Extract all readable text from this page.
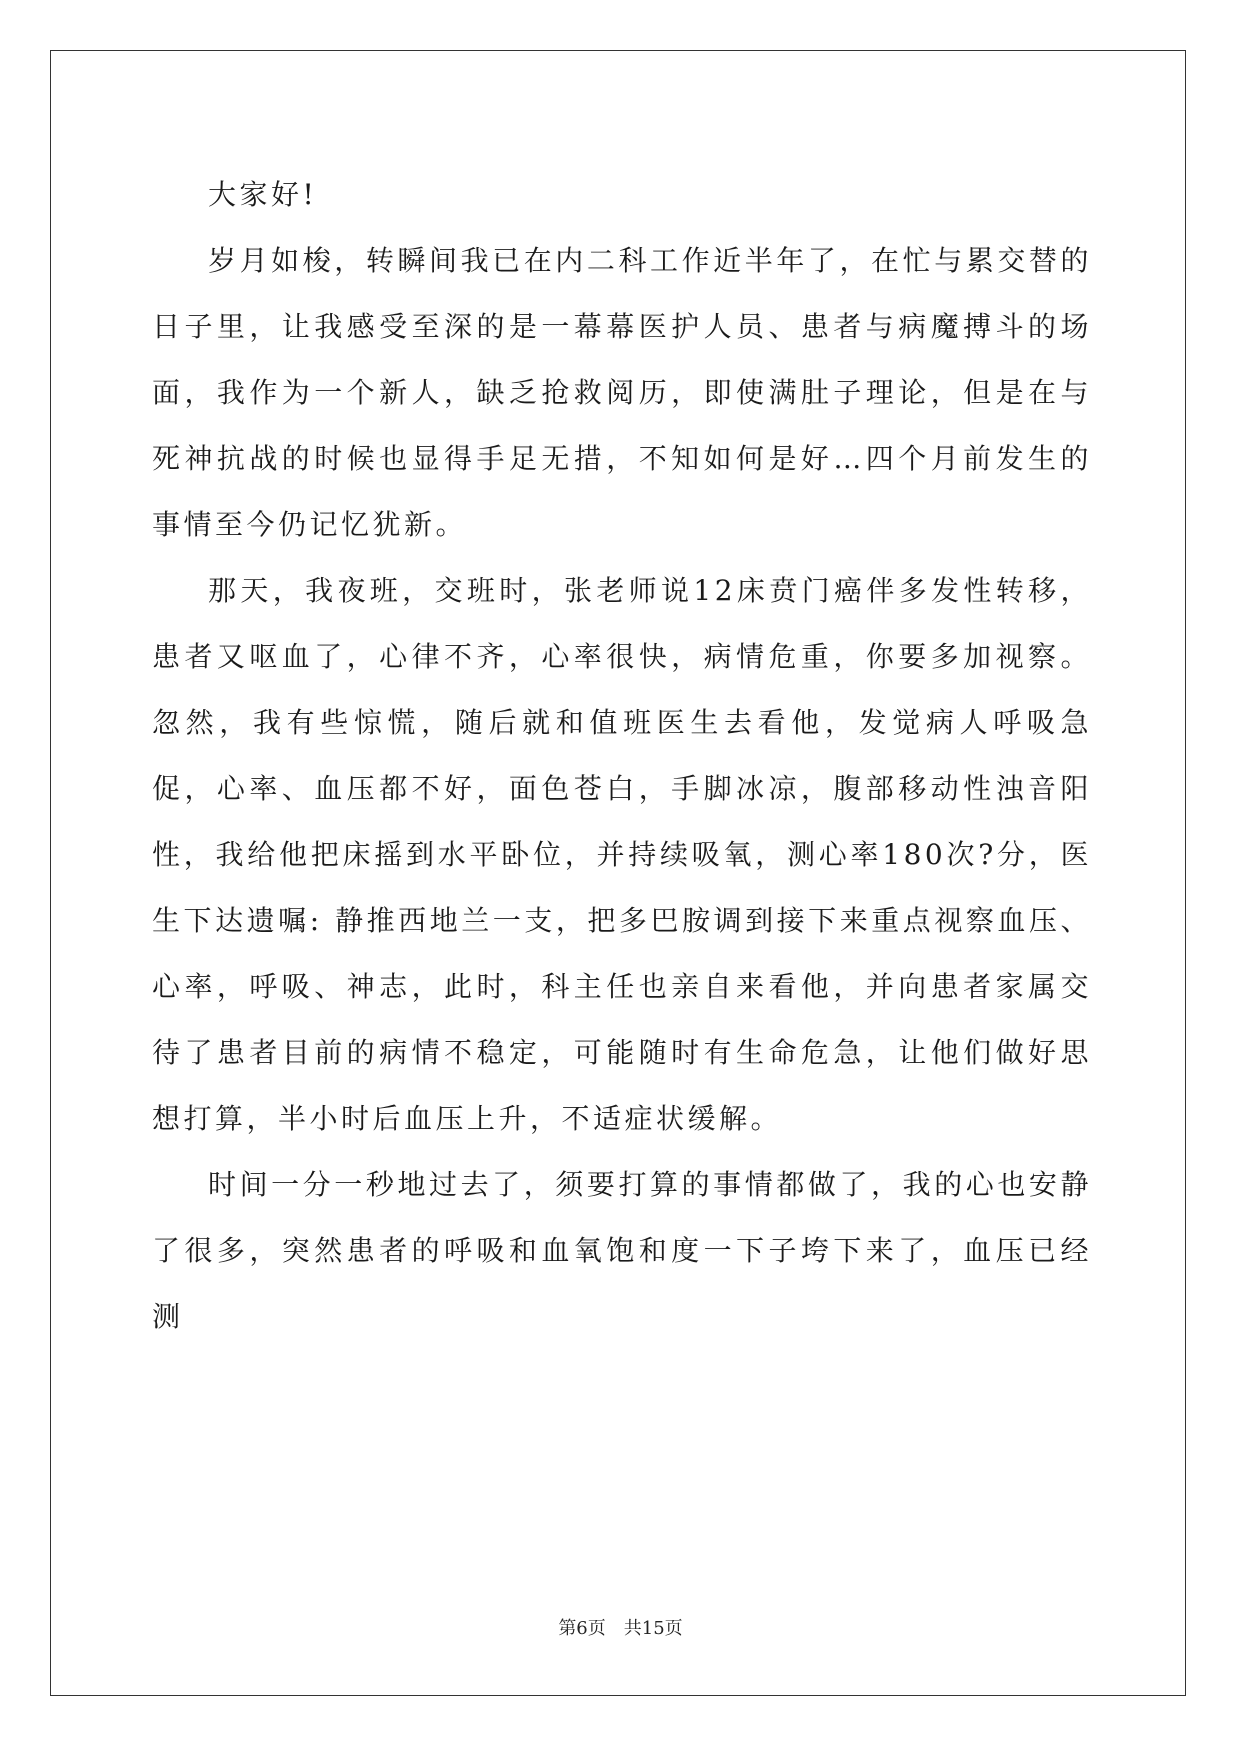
大家好!

岁月如梭，转瞬间我已在内二科工作近半年了，在忙与累交替的日子里，让我感受至深的是一幕幕医护人员、患者与病魔搏斗的场面，我作为一个新人，缺乏抢救阅历，即使满肚子理论，但是在与死神抗战的时候也显得手足无措，不知如何是好…四个月前发生的事情至今仍记忆犹新。

那天，我夜班，交班时，张老师说12床贲门癌伴多发性转移，患者又呕血了，心律不齐，心率很快，病情危重，你要多加视察。忽然，我有些惊慌，随后就和值班医生去看他，发觉病人呼吸急促，心率、血压都不好，面色苍白，手脚冰凉，腹部移动性浊音阳性，我给他把床摇到水平卧位，并持续吸氧，测心率180次?分，医生下达遗嘱: 静推西地兰一支，把多巴胺调到接下来重点视察血压、心率，呼吸、神志，此时，科主任也亲自来看他，并向患者家属交待了患者目前的病情不稳定，可能随时有生命危急，让他们做好思想打算，半小时后血压上升，不适症状缓解。

时间一分一秒地过去了，须要打算的事情都做了，我的心也安静了很多，突然患者的呼吸和血氧饱和度一下子垮下来了，血压已经测

第6页 共15页
